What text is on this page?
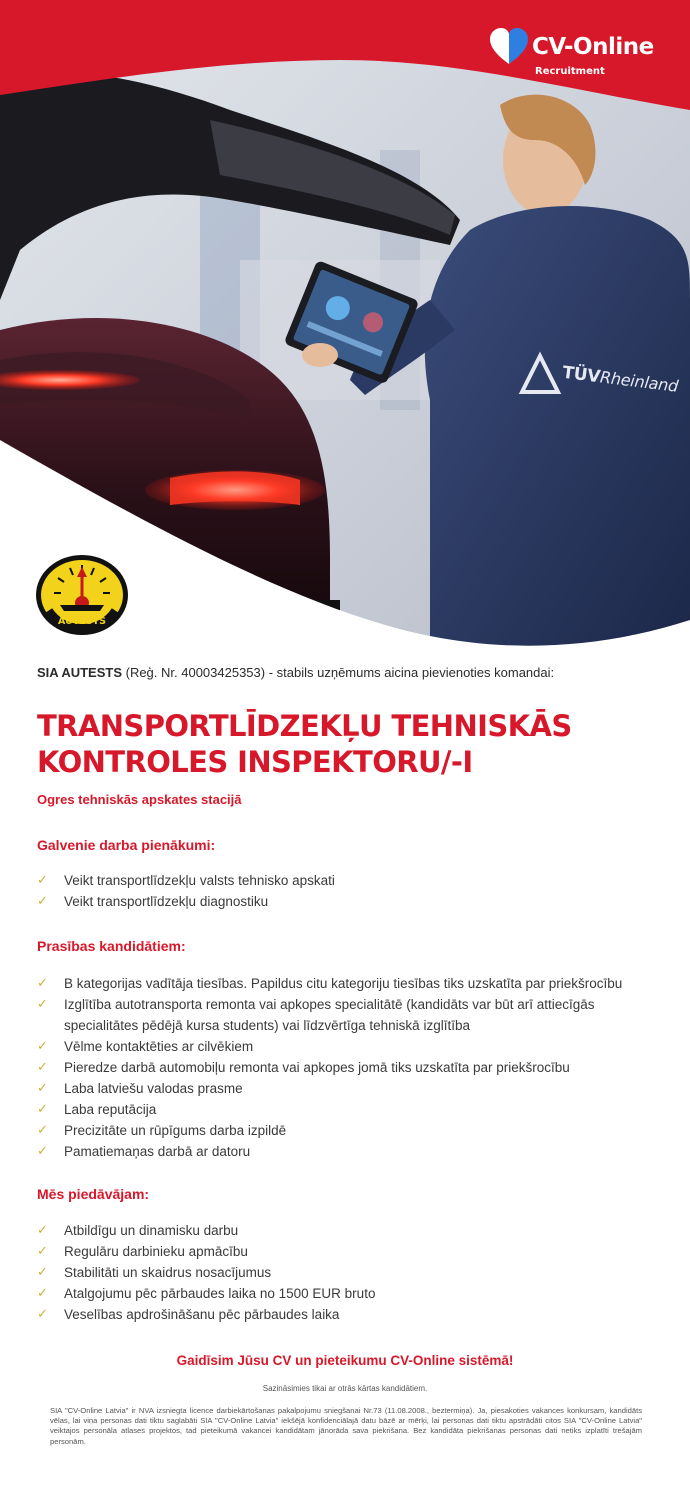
CV-Online
Recruitment
TÜVRheinland
AUTESTS
SIA AUTESTS (Reģ. Nr. 40003425353) - stabils uzņēmums aicina pievienoties komandai:
TRANSPORTLĪDZEKĻU TEHNISKĀS
KONTROLES INSPEKTORU/-I
Ogres tehniskās apskates stacijā
Galvenie darba pienākumi:
✓ Veikt transportlīdzekļu valsts tehnisko apskati
✓ Veikt transportlīdzekļu diagnostiku
Prasības kandidātiem:
✓ B kategorijas vadītāja tiesības. Papildus citu kategoriju tiesības tiks uzskatīta par priekšrocību
✓ Izglītība autotransporta remonta vai apkopes specialitātē (kandidāts var būt arī attiecīgās specialitātes pēdējā kursa students) vai līdzvērtīga tehniskā izglītība
✓ Vēlme kontaktēties ar cilvēkiem
✓ Pieredze darbā automobiļu remonta vai apkopes jomā tiks uzskatīta par priekšrocību
✓ Laba latviešu valodas prasme
✓ Laba reputācija
✓ Precizitāte un rūpīgums darba izpildē
✓ Pamatiemaņas darbā ar datoru
Mēs piedāvājam:
✓ Atbildīgu un dinamisku darbu
✓ Regulāru darbinieku apmācību
✓ Stabilitāti un skaidrus nosacījumus
✓ Atalgojumu pēc pārbaudes laika no 1500 EUR bruto
✓ Veselības apdrošināšanu pēc pārbaudes laika
Gaidīsim Jūsu CV un pieteikumu CV-Online sistēmā!
Sazināsimies tikai ar otrās kārtas kandidātiem.

SIA "CV-Online Latvia" ir NVA izsniegta licence darbiekārtošanas pakalpojumu sniegšanai Nr.73 (11.08.2008., beztermiņa). Ja, piesakoties vakances konkursam, kandidāts vēlas, lai viņa personas dati tiktu saglabāti SIA "CV-Online Latvia" iekšējā konfidenciālajā datu bāzē ar mērķi, lai personas dati tiktu apstrādāti citos SIA "CV-Online Latvia" veiktajos personāla atlases projektos, tad pieteikumā vakancei kandidātam jānorāda sava piekrišana. Bez kandidāta piekrišanas personas dati netiks izplatīti trešajām personām.
